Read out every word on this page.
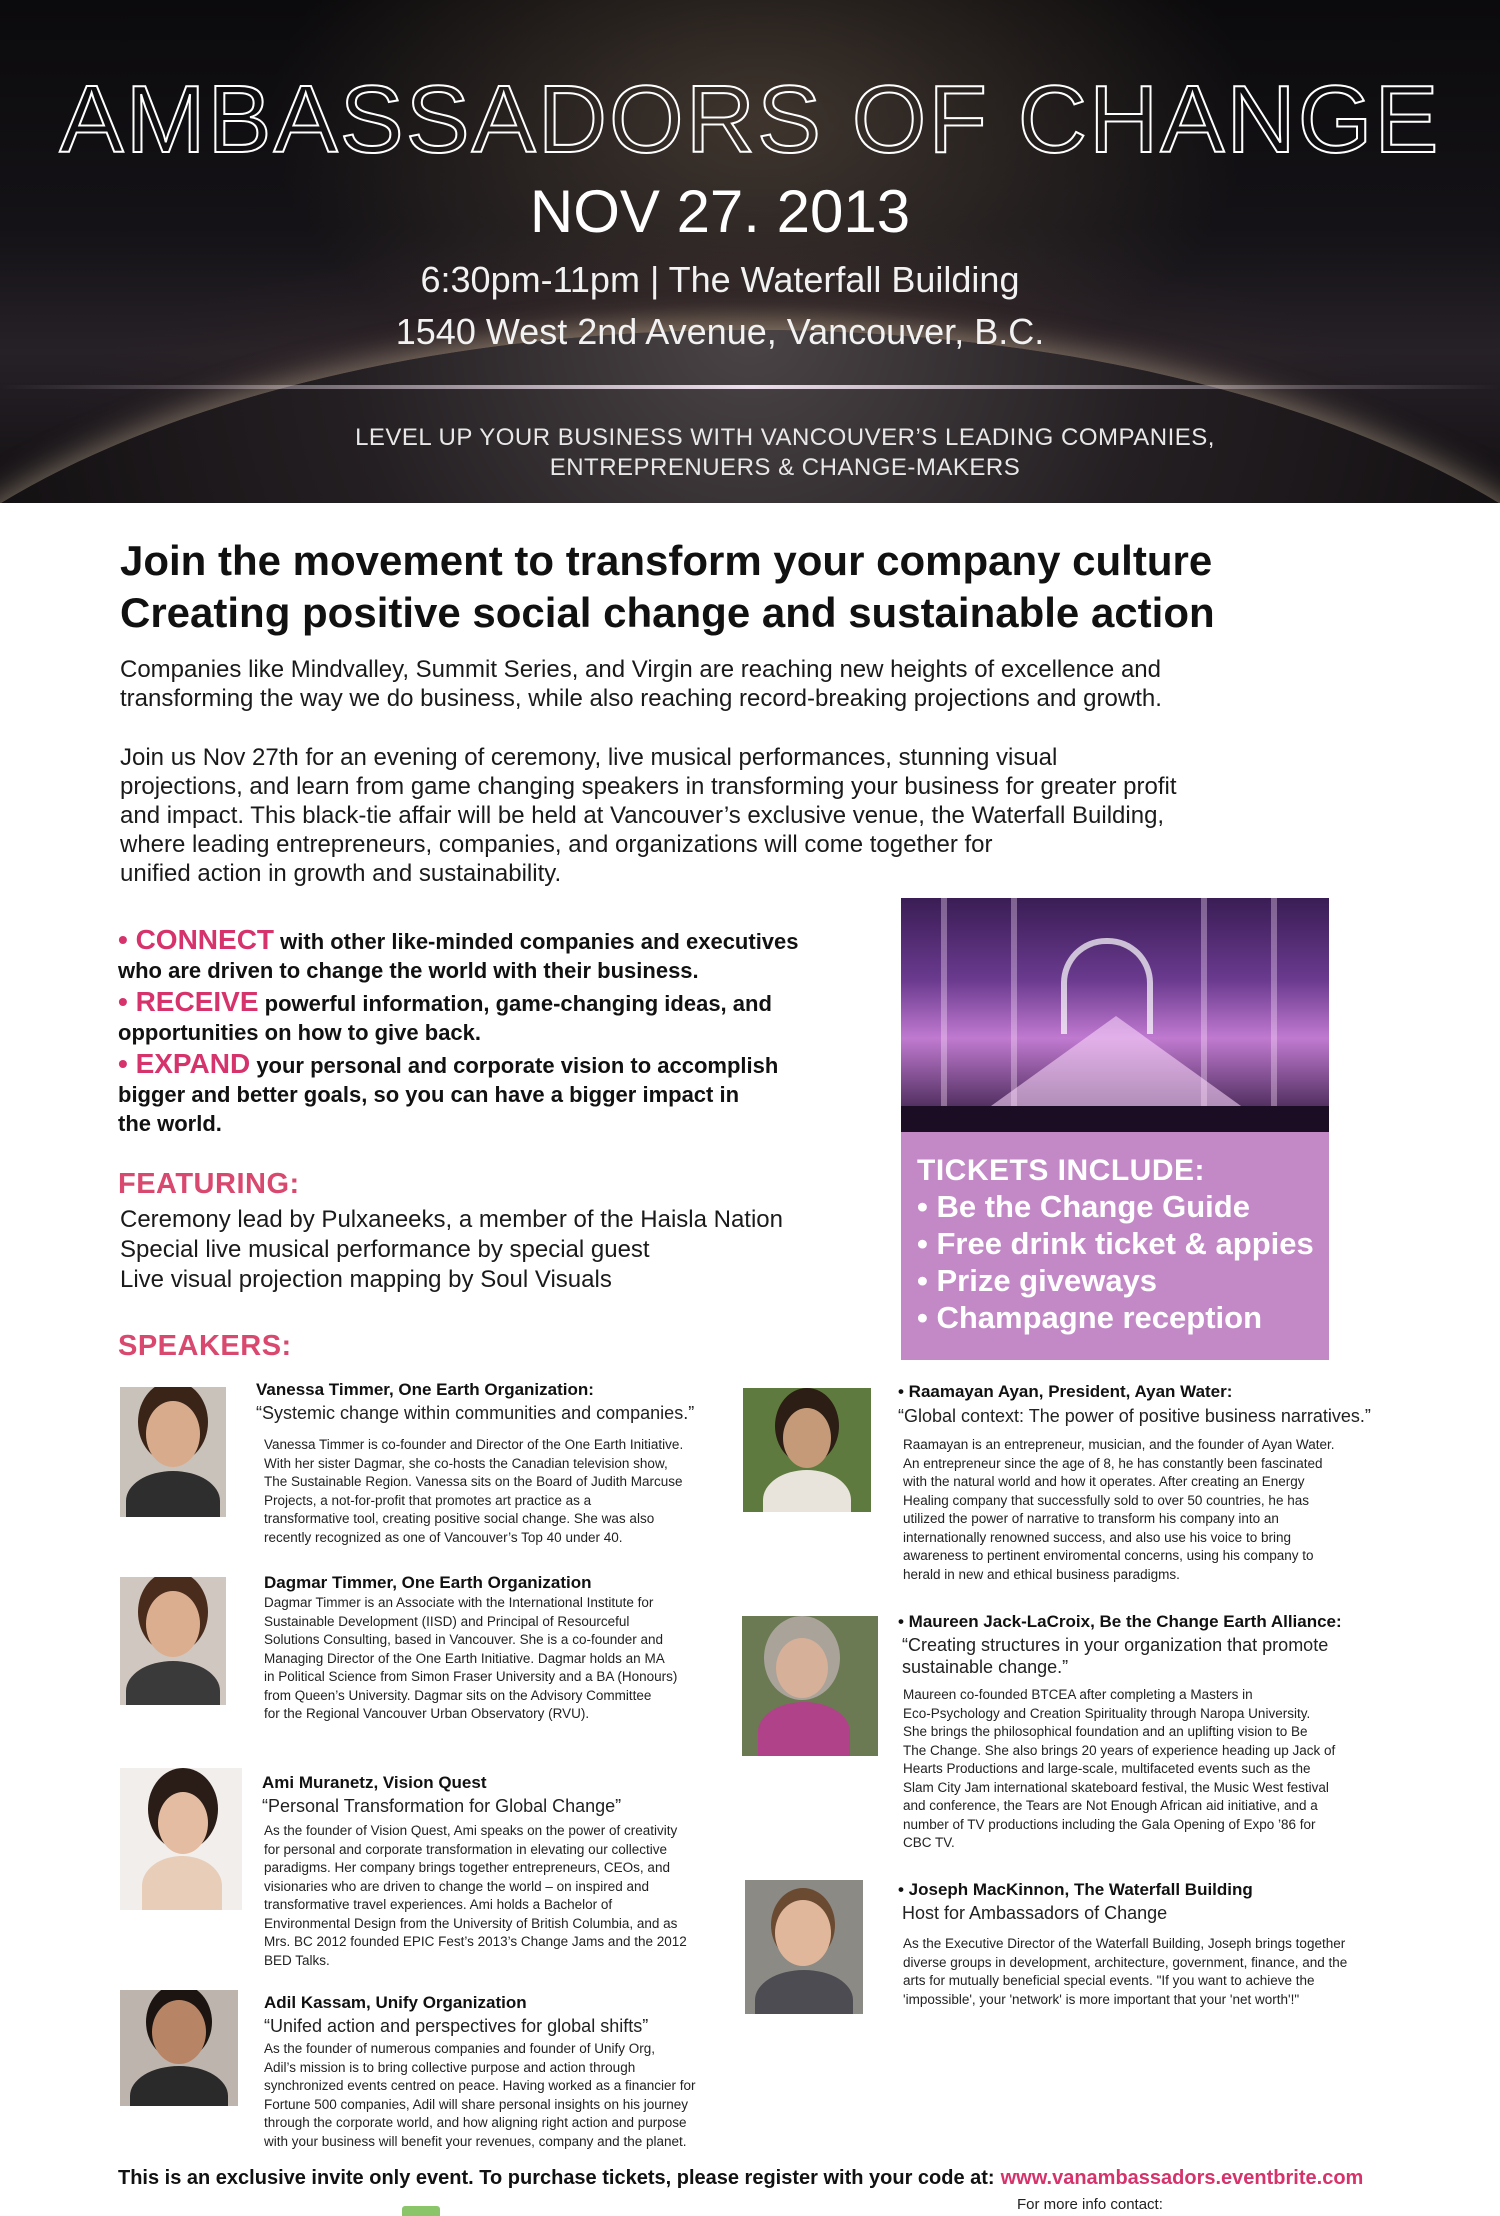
AMBASSADORS OF CHANGE
NOV 27. 2013
6:30pm-11pm | The Waterfall Building
1540 West 2nd Avenue, Vancouver, B.C.
LEVEL UP YOUR BUSINESS WITH VANCOUVER’S LEADING COMPANIES,
ENTREPRENUERS & CHANGE-MAKERS
Join the movement to transform your company culture
Creating positive social change and sustainable action
Companies like Mindvalley, Summit Series, and Virgin are reaching new heights of excellence and
transforming the way we do business, while also reaching record-breaking projections and growth.
Join us Nov 27th for an evening of ceremony, live musical performances, stunning visual
projections, and learn from game changing speakers in transforming your business for greater profit
and impact. This black-tie affair will be held at Vancouver’s exclusive venue, the Waterfall Building,
where leading entrepreneurs, companies, and organizations will come together for
unified action in growth and sustainability.
• CONNECT with other like-minded companies and executives
who are driven to change the world with their business.
• RECEIVE powerful information, game-changing ideas, and
opportunities on how to give back.
• EXPAND your personal and corporate vision to accomplish
bigger and better goals, so you can have a bigger impact in
the world.
FEATURING:
Ceremony lead by Pulxaneeks, a member of the Haisla Nation
Special live musical performance by special guest
Live visual projection mapping by Soul Visuals
TICKETS INCLUDE:
• Be the Change Guide
• Free drink ticket & appies
• Prize giveways
• Champagne reception
SPEAKERS:
Vanessa Timmer, One Earth Organization:
“Systemic change within communities and companies.”
Vanessa Timmer is co-founder and Director of the One Earth Initiative.
With her sister Dagmar, she co-hosts the Canadian television show,
The Sustainable Region. Vanessa sits on the Board of Judith Marcuse
Projects, a not-for-profit that promotes art practice as a
transformative tool, creating positive social change. She was also
recently recognized as one of Vancouver’s Top 40 under 40.
Dagmar Timmer, One Earth Organization
Dagmar Timmer is an Associate with the International Institute for
Sustainable Development (IISD) and Principal of Resourceful
Solutions Consulting, based in Vancouver. She is a co-founder and
Managing Director of the One Earth Initiative. Dagmar holds an MA
in Political Science from Simon Fraser University and a BA (Honours)
from Queen’s University. Dagmar sits on the Advisory Committee
for the Regional Vancouver Urban Observatory (RVU).
Ami Muranetz, Vision Quest
“Personal Transformation for Global Change”
As the founder of Vision Quest, Ami speaks on the power of creativity
for personal and corporate transformation in elevating our collective
paradigms. Her company brings together entrepreneurs, CEOs, and
visionaries who are driven to change the world – on inspired and
transformative travel experiences. Ami holds a Bachelor of
Environmental Design from the University of British Columbia, and as
Mrs. BC 2012 founded EPIC Fest’s 2013’s Change Jams and the 2012
BED Talks.
Adil Kassam, Unify Organization
“Unifed action and perspectives for global shifts”
As the founder of numerous companies and founder of Unify Org,
Adil’s mission is to bring collective purpose and action through
synchronized events centred on peace. Having worked as a financier for
Fortune 500 companies, Adil will share personal insights on his journey
through the corporate world, and how aligning right action and purpose
with your business will benefit your revenues, company and the planet.
• Raamayan Ayan, President, Ayan Water:
“Global context: The power of positive business narratives.”
Raamayan is an entrepreneur, musician, and the founder of Ayan Water.
An entrepreneur since the age of 8, he has constantly been fascinated
with the natural world and how it operates. After creating an Energy
Healing company that successfully sold to over 50 countries, he has
utilized the power of narrative to transform his company into an
internationally renowned success, and also use his voice to bring
awareness to pertinent enviromental concerns, using his company to
herald in new and ethical business paradigms.
• Maureen Jack-LaCroix, Be the Change Earth Alliance:
“Creating structures in your organization that promote
sustainable change.”
Maureen co-founded BTCEA after completing a Masters in
Eco-Psychology and Creation Spirituality through Naropa University.
She brings the philosophical foundation and an uplifting vision to Be
The Change. She also brings 20 years of experience heading up Jack of
Hearts Productions and large-scale, multifaceted events such as the
Slam City Jam international skateboard festival, the Music West festival
and conference, the Tears are Not Enough African aid initiative, and a
number of TV productions including the Gala Opening of Expo ’86 for
CBC TV.
• Joseph MacKinnon, The Waterfall Building
Host for Ambassadors of Change
As the Executive Director of the Waterfall Building, Joseph brings together
diverse groups in development, architecture, government, finance, and the
arts for mutually beneficial special events. "If you want to achieve the
'impossible', your 'network' is more important that your 'net worth'!"
This is an exclusive invite only event. To purchase tickets, please register with your code at: www.vanambassadors.eventbrite.com
For more info contact:
